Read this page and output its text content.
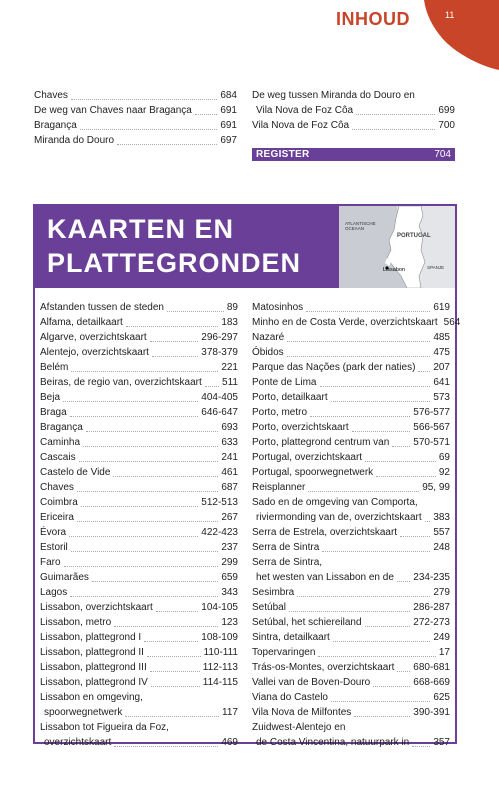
INHOUD	11
Chaves	684
De weg van Chaves naar Bragança	691
Bragança	691
Miranda do Douro	697
De weg tussen Miranda do Douro en
Vila Nova de Foz Côa	699
Vila Nova de Foz Côa	700
REGISTER	704
KAARTEN EN
PLATTEGRONDEN
ATLANTISCHE OCEAAN
PORTUGAL
SPANJE
Lissabon
Afstanden tussen de steden	89
Alfama, detailkaart	183
Algarve, overzichtskaart	296-297
Alentejo, overzichtskaart	378-379
Belém	221
Beiras, de regio van, overzichtskaart 511
Beja	404-405
Braga	646-647
Bragança	693
Caminha	633
Cascais	241
Castelo de Vide	461
Chaves	687
Coimbra	512-513
Ericeira	267
Évora	422-423
Estoril	237
Faro	299
Guimarães	659
Lagos	343
Lissabon, overzichtskaart	104-105
Lissabon, metro	123
Lissabon, plattegrond I	108-109
Lissabon, plattegrond II	110-111
Lissabon, plattegrond III	112-113
Lissabon, plattegrond IV	114-115
Lissabon en omgeving,
spoorwegnetwerk	117
Lissabon tot Figueira da Foz,
overzichtskaart	469
Matosinhos	619
Minho en de Costa Verde, overzichtskaart 564
Nazaré	485
Óbidos	475
Parque das Nações (park der naties) 207
Ponte de Lima	641
Porto, detailkaart	573
Porto, metro	576-577
Porto, overzichtskaart	566-567
Porto, plattegrond centrum van 570-571
Portugal, overzichtskaart	69
Portugal, spoorwegnetwerk	92
Reisplanner	95, 99
Sado en de omgeving van Comporta,
riviermonding van de, overzichtskaart 383
Serra de Estrela, overzichtskaart	557
Serra de Sintra	248
Serra de Sintra,
het westen van Lissabon en de 234-235
Sesimbra	279
Setúbal	286-287
Setúbal, het schiereiland	272-273
Sintra, detailkaart	249
Topervaringen	17
Trás-os-Montes, overzichtskaart 680-681
Vallei van de Boven-Douro	668-669
Viana do Castelo	625
Vila Nova de Milfontes	390-391
Zuidwest-Alentejo en
de Costa Vincentina, natuurpark in 357
